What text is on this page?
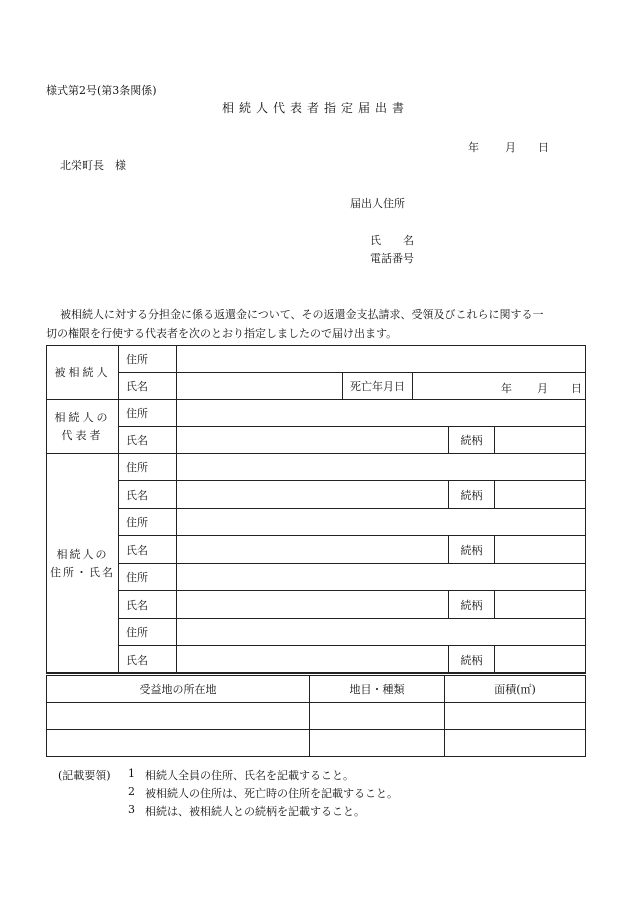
様式第2号(第3条関係)
相続人代表者指定届出書
年 月 日
北栄町長　様
届出人住所
氏　　名
電話番号
被相続人に対する分担金に係る返還金について、その返還金支払請求、受領及びこれらに関する一
切の権限を行使する代表者を次のとおり指定しましたので届け出ます。
被相続人	住所					
	氏名		死亡年月日	年 月 日		

相続人の
代表者	住所					
	氏名				続柄	

相続人の
住所・氏名	住所					
	氏名				続柄	
	住所					
	氏名				続柄	
	住所					
	氏名				続柄	
	住所					
	氏名				続柄	
受益地の所在地	地目・種類	面積(㎡)

(記載要領) 1 相続人全員の住所、氏名を記載すること。
2 被相続人の住所は、死亡時の住所を記載すること。
3 相続は、被相続人との続柄を記載すること。
